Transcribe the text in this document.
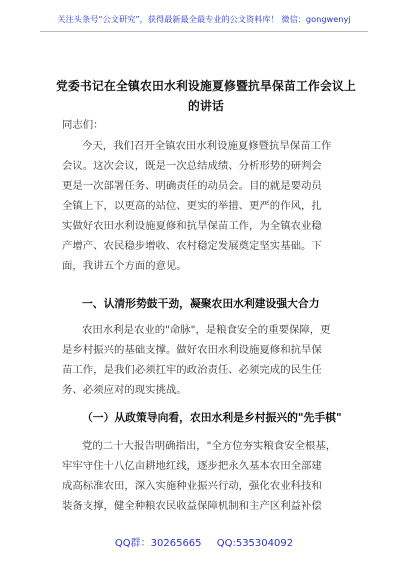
关注头条号“公文研究”，获得最新最全最专业的公文资料库！ 微信：gongwenyj
党委书记在全镇农田水利设施夏修暨抗旱保苗工作会议上
的讲话
同志们：
今天，我们召开全镇农田水利设施夏修暨抗旱保苗工作
会议。这次会议，既是一次总结成绩、分析形势的研判会
更是一次部署任务、明确责任的动员会。目的就是要动员
全镇上下，以更高的站位、更实的举措、更严的作风，扎
实做好农田水利设施夏修和抗旱保苗工作，为全镇农业稳
产增产、农民稳步增收、农村稳定发展奠定坚实基础。下
面，我讲五个方面的意见。
一、认清形势鼓干劲，凝聚农田水利建设强大合力
农田水利是农业的"命脉"，是粮食安全的重要保障，更
是乡村振兴的基础支撑。做好农田水利设施夏修和抗旱保
苗工作，是我们必须扛牢的政治责任、必须完成的民生任
务、必须应对的现实挑战。
（一）从政策导向看，农田水利是乡村振兴的"先手棋"
党的二十大报告明确指出，"全方位夯实粮食安全根基，
牢牢守住十八亿亩耕地红线，逐步把永久基本农田全部建
成高标准农田，深入实施种业振兴行动，强化农业科技和
装备支撑，健全种粮农民收益保障机制和主产区利益补偿
QQ群：30265665 QQ:535304092
